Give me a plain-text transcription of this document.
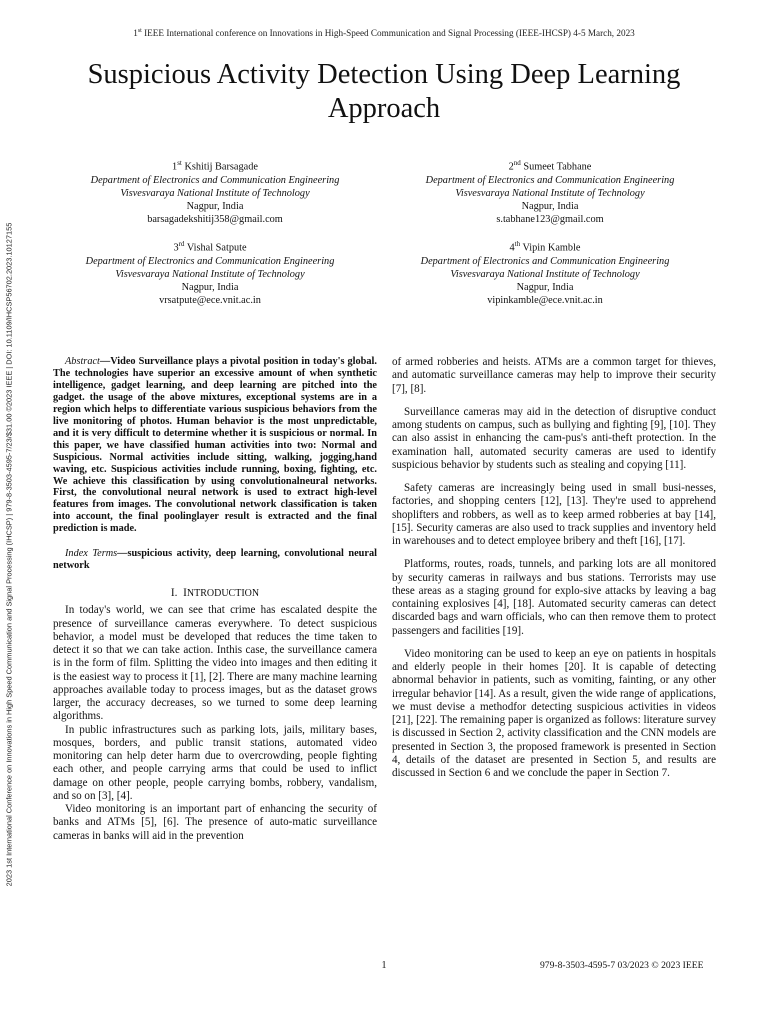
1st IEEE International conference on Innovations in High-Speed Communication and Signal Processing (IEEE-IHCSP) 4-5 March, 2023
Suspicious Activity Detection Using Deep Learning Approach
2023 1st International Conference on Innovations in High Speed Communication and Signal Processing (IHCSP) | 979-8-3503-4595-7/23/$31.00 ©2023 IEEE | DOI: 10.1109/IHCSP56702.2023.10127155
1st Kshitij Barsagade
Department of Electronics and Communication Engineering
Visvesvaraya National Institute of Technology
Nagpur, India
barsagadekshitij358@gmail.com
2nd Sumeet Tabhane
Department of Electronics and Communication Engineering
Visvesvaraya National Institute of Technology
Nagpur, India
s.tabhane123@gmail.com
3rd Vishal Satpute
Department of Electronics and Communication Engineering
Visvesvaraya National Institute of Technology
Nagpur, India
vrsatpute@ece.vnit.ac.in
4th Vipin Kamble
Department of Electronics and Communication Engineering
Visvesvaraya National Institute of Technology
Nagpur, India
vipinkamble@ece.vnit.ac.in

Abstract—Video Surveillance plays a pivotal position in today's global. The technologies have superior an excessive amount of when synthetic intelligence, gadget learning, and deep learning are pitched into the gadget. the usage of the above mixtures, exceptional systems are in a region which helps to differentiate various suspicious behaviors from the live monitoring of photos. Human behavior is the most unpredictable, and it is very difficult to determine whether it is suspicious or normal. In this paper, we have classified human activities into two: Normal and Suspicious. Normal activities include sitting, walking, jogging,hand waving, etc. Suspicious activities include running, boxing, fighting, etc. We achieve this classification by using convolutionalneural networks. First, the convolutional neural network is used to extract high-level features from images. The convolutional network classification is taken into account, the final poolinglayer result is extracted and the final prediction is made.

Index Terms—suspicious activity, deep learning, convolutional neural network

I. INTRODUCTION

In today's world, we can see that crime has escalated despite the presence of surveillance cameras everywhere. To detect suspicious behavior, a model must be developed that reduces the time taken to detect it so that we can take action. Inthis case, the surveillance camera is in the form of film. Splitting the video into images and then editing it is the easiest way to process it [1], [2]. There are many machine learning approaches available today to process images, but as the dataset grows larger, the accuracy decreases, so we turned to some deep learning algorithms.

In public infrastructures such as parking lots, jails, military bases, mosques, borders, and public transit stations, automated video monitoring can help deter harm due to overcrowding, people fighting each other, and people carrying arms that could be used to inflict damage on other people, people carrying bombs, robbery, vandalism, and so on [3], [4].

Video monitoring is an important part of enhancing the security of banks and ATMs [5], [6]. The presence of auto-matic surveillance cameras in banks will aid in the prevention

of armed robberies and heists. ATMs are a common target for thieves, and automatic surveillance cameras may help to improve their security [7], [8].

Surveillance cameras may aid in the detection of disruptive conduct among students on campus, such as bullying and fighting [9], [10]. They can also assist in enhancing the cam-pus's anti-theft protection. In the examination hall, automated security cameras are used to identify suspicious behavior by students such as stealing and copying [11].

Safety cameras are increasingly being used in small busi-nesses, factories, and shopping centers [12], [13]. They're used to apprehend shoplifters and robbers, as well as to keep armed robberies at bay [14], [15]. Security cameras are also used to track supplies and inventory held in warehouses and to detect employee bribery and theft [16], [17].

Platforms, routes, roads, tunnels, and parking lots are all monitored by security cameras in railways and bus stations. Terrorists may use these areas as a staging ground for explo-sive attacks by leaving a bag containing explosives [4], [18]. Automated security cameras can detect discarded bags and warn officials, who can then remove them to protect passengers and facilities [19].

Video monitoring can be used to keep an eye on patients in hospitals and elderly people in their homes [20]. It is capable of detecting abnormal behavior in patients, such as vomiting, fainting, or any other irregular behavior [14]. As a result, given the wide range of applications, we must devise a methodfor detecting suspicious activities in videos [21], [22]. The remaining paper is organized as follows: literature survey is discussed in Section 2, activity classification and the CNN models are presented in Section 3, the proposed framework is presented in Section 4, details of the dataset are presented in Section 5, and results are discussed in Section 6 and we conclude the paper in Section 7.

1	979-8-3503-4595-7 03/2023 © 2023 IEEE
